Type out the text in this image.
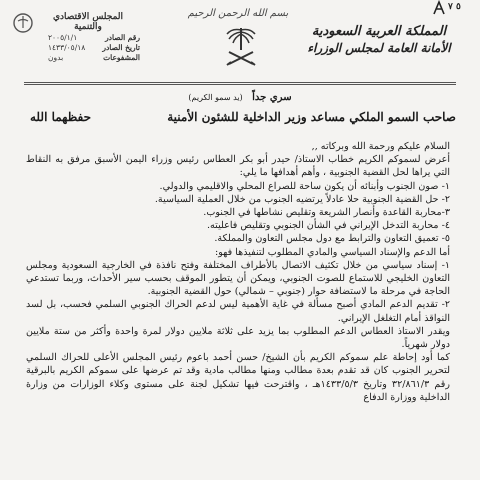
٥ ٧
بسم الله الرحمن الرحيم
المملكة العربية السعودية
الأمانة العامة لمجلس الوزراء
المجلس الاقتصادي والتنمية
رقم الصادر
٢٠٠٥/١/١
تاريخ الصادر
١٤٣٣/٠٥/١٨
المشفوعات
بدون
سري جداً (يد سمو الكريم)
صاحب السمو الملكي مساعد وزير الداخلية للشئون الأمنية
حفظهما الله

السلام عليكم ورحمة الله وبركاته ,,

أعرض لسموكم الكريم خطاب الاستاذ/ حيدر أبو بكر العطاس رئيس وزراء اليمن الأسبق مرفق به النقاط التي يراها لحل القضية الجنوبية ، وأهم أهدافها ما يلي:

١- صون الجنوب وأبنائه أن يكون ساحة للصراع المحلي والاقليمي والدولي.

٢- حل القضية الجنوبية حلا عادلاً يرتضيه الجنوب من خلال العملية السياسية.

٣-محاربة القاعدة وأنصار الشريعة وتقليص نشاطها في الجنوب.

٤- محاربة التدخل الإيراني في الشأن الجنوبي وتقليص فاعليته.

٥- تعميق التعاون والترابط مع دول مجلس التعاون والمملكة.

أما الدعم والإسناد السياسي والمادي المطلوب لتنفيذها فهو:

١- إسناد سياسي من خلال تكثيف الاتصال بالأطراف المختلفة وفتح نافذة في الخارجية السعودية ومجلس التعاون الخليجي للاستماع للصوت الجنوبي، ويمكن أن يتطور الموقف بحسب سير الأحداث، وربما تستدعي الحاجة في مرحلة ما لاستضافة حوار (جنوبي – شمالي) حول القضية الجنوبية.

٢- تقديم الدعم المادي أصبح مسألة في غاية الأهمية ليس لدعم الحراك الجنوبي السلمي فحسب، بل لسد النواقذ أمام التغلغل الإيراني.

ويقدر الاستاذ العطاس الدعم المطلوب بما يزيد على ثلاثة ملايين دولار لمرة واحدة وأكثر من ستة ملايين دولار شهرياً.

كما أود إحاطة علم سموكم الكريم بأن الشيخ/ حسن أحمد باعوم رئيس المجلس الأعلى للحراك السلمي لتحرير الجنوب كان قد تقدم بعدة مطالب ومنها مطالب مادية وقد تم عرضها على سموكم الكريم بالبرقية رقم ٣٢/٨٦١/٣ وتاريخ ١٤٣٣/٥/٣هـ ، واقترحت فيها تشكيل لجنة على مستوى وكلاء الوزارات من وزارة الداخلية ووزارة الدفاع
